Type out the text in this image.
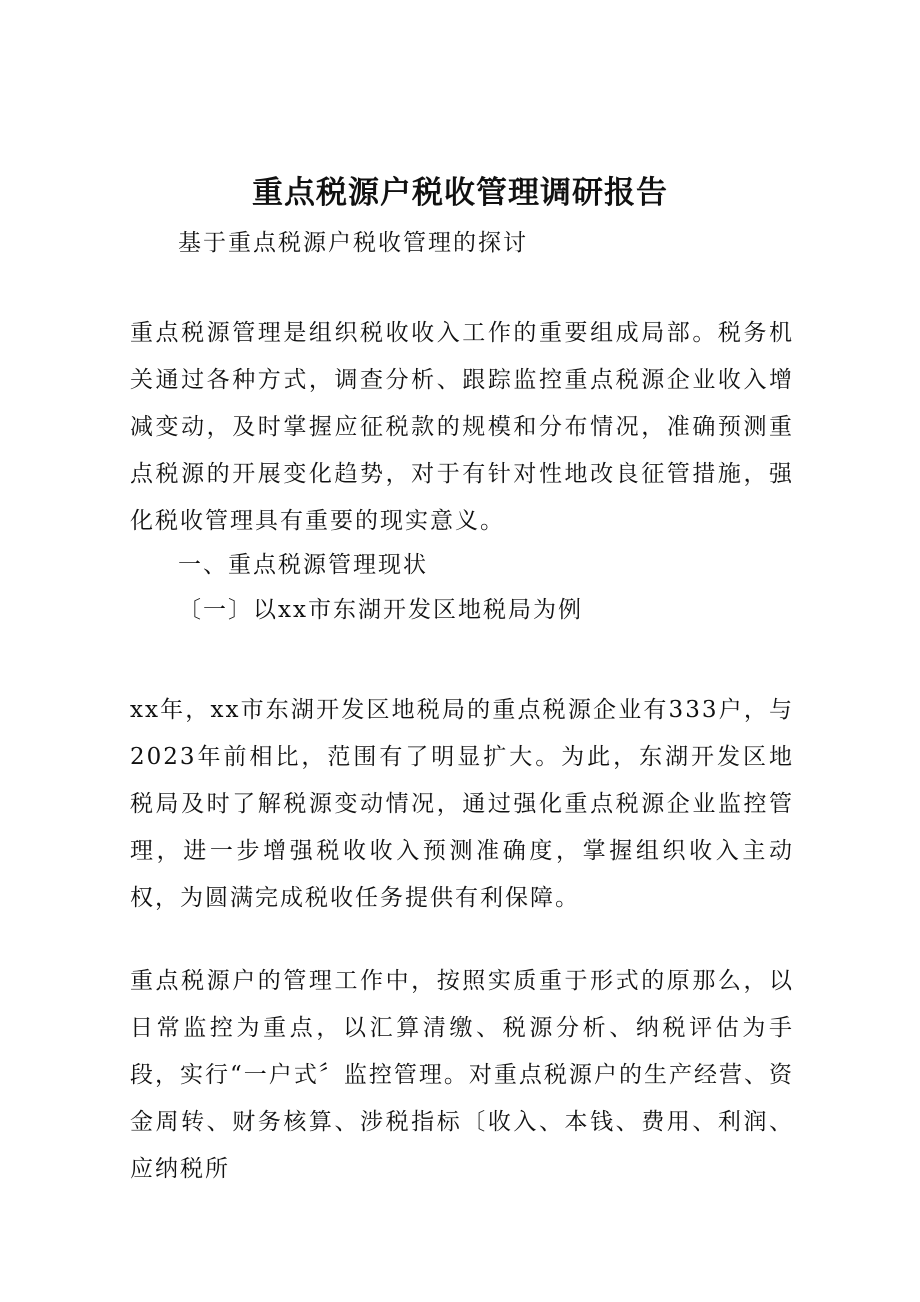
重点税源户税收管理调研报告

基于重点税源户税收管理的探讨

重点税源管理是组织税收收入工作的重要组成局部。税务机关通过各种方式，调查分析、跟踪监控重点税源企业收入增减变动，及时掌握应征税款的规模和分布情况，准确预测重点税源的开展变化趋势，对于有针对性地改良征管措施，强化税收管理具有重要的现实意义。

一、重点税源管理现状

〔一〕以xx市东湖开发区地税局为例

xx年，xx市东湖开发区地税局的重点税源企业有333户，与2023年前相比，范围有了明显扩大。为此，东湖开发区地税局及时了解税源变动情况，通过强化重点税源企业监控管理，进一步增强税收收入预测准确度，掌握组织收入主动权，为圆满完成税收任务提供有利保障。

重点税源户的管理工作中，按照实质重于形式的原那么，以日常监控为重点，以汇算清缴、税源分析、纳税评估为手段，实行“一户式〞监控管理。对重点税源户的生产经营、资金周转、财务核算、涉税指标〔收入、本钱、费用、利润、应纳税所
